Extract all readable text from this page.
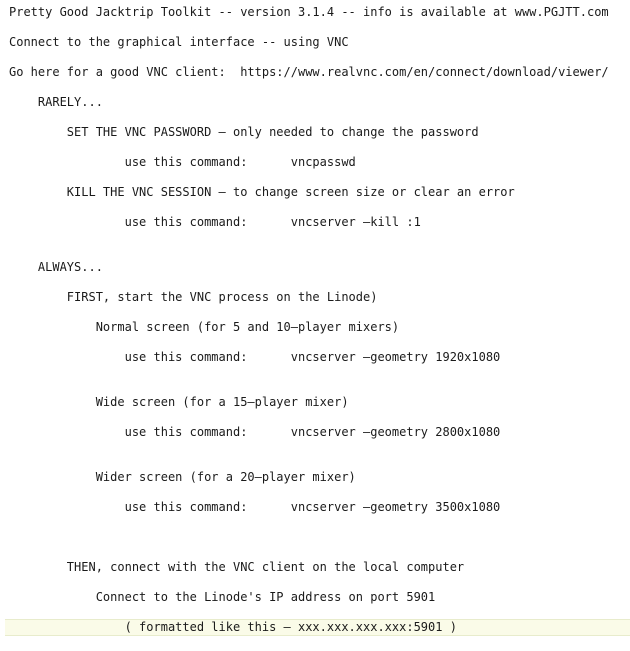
Pretty Good Jacktrip Toolkit -- version 3.1.4 -- info is available at www.PGJTT.com
Connect to the graphical interface -- using VNC
Go here for a good VNC client:  https://www.realvnc.com/en/connect/download/viewer/
RARELY...
SET THE VNC PASSWORD – only needed to change the password
use this command:      vncpasswd
KILL THE VNC SESSION – to change screen size or clear an error
use this command:      vncserver –kill :1
ALWAYS...
FIRST, start the VNC process on the Linode)
Normal screen (for 5 and 10–player mixers)
use this command:      vncserver –geometry 1920x1080
Wide screen (for a 15–player mixer)
use this command:      vncserver –geometry 2800x1080
Wider screen (for a 20–player mixer)
use this command:      vncserver –geometry 3500x1080
THEN, connect with the VNC client on the local computer
Connect to the Linode's IP address on port 5901
( formatted like this – xxx.xxx.xxx.xxx:5901 )
